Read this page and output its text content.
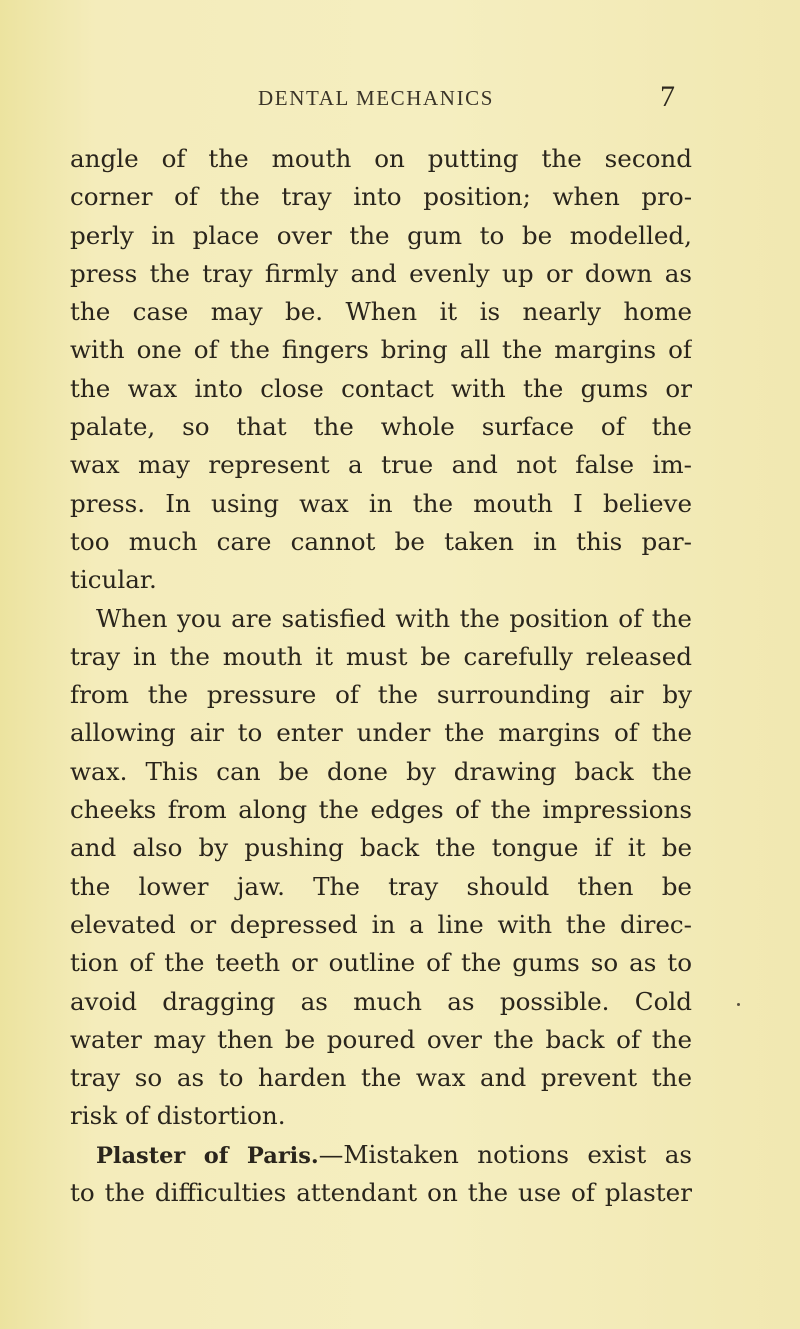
DENTAL MECHANICS	7
angle of the mouth on putting the second
corner of the tray into position; when pro-
perly in place over the gum to be modelled,
press the tray firmly and evenly up or down as
the case may be. When it is nearly home
with one of the fingers bring all the margins of
the wax into close contact with the gums or
palate, so that the whole surface of the
wax may represent a true and not false im-
press. In using wax in the mouth I believe
too much care cannot be taken in this par-
ticular.
When you are satisfied with the position of the
tray in the mouth it must be carefully released
from the pressure of the surrounding air by
allowing air to enter under the margins of the
wax. This can be done by drawing back the
cheeks from along the edges of the impressions
and also by pushing back the tongue if it be
the lower jaw. The tray should then be
elevated or depressed in a line with the direc-
tion of the teeth or outline of the gums so as to
avoid dragging as much as possible. Cold
water may then be poured over the back of the
tray so as to harden the wax and prevent the
risk of distortion.
Plaster of Paris.—Mistaken notions exist as
to the difficulties attendant on the use of plaster
